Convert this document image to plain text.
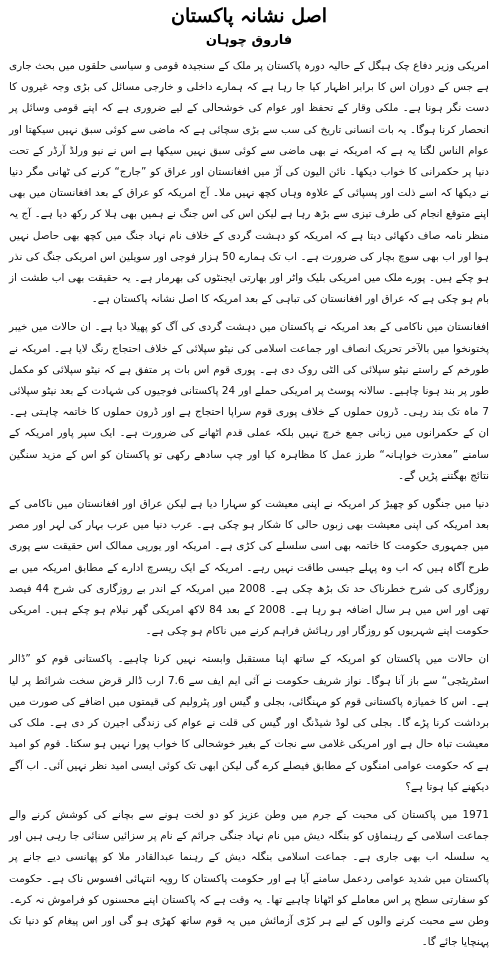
اصل نشانہ پاکستان
فاروق چوہان

امریکی وزیر دفاع چک ہیگل کے حالیہ دورہ پاکستان پر ملک کے سنجیدہ قومی و سیاسی حلقوں میں بحث جاری ہے جس کے دوران اس کا برابر اظہار کیا جا رہا ہے کہ ہمارے داخلی و خارجی مسائل کی بڑی وجہ غیروں کا دست نگر ہونا ہے۔ ملکی وقار کے تحفظ اور عوام کی خوشحالی کے لیے ضروری ہے کہ اپنے قومی وسائل پر انحصار کرنا ہوگا۔ یہ بات انسانی تاریخ کی سب سے بڑی سچائی ہے کہ ماضی سے کوئی سبق نہیں سیکھتا اور عوام الناس لگتا یہ ہے کہ امریکہ نے بھی ماضی سے کوئی سبق نہیں سیکھا ہے اس نے نیو ورلڈ آرڈر کے تحت دنیا پر حکمرانی کا خواب دیکھا۔ نائن الیون کی آڑ میں افغانستان اور عراق کو ”جارج“ کرنے کی ٹھانی مگر دنیا نے دیکھا کہ اسے ذلت اور پسپائی کے علاوہ وہاں کچھ نہیں ملا۔ آج امریکہ کو عراق کے بعد افغانستان میں بھی اپنے متوقع انجام کی طرف تیزی سے بڑھ رہا ہے لیکن اس کی اس جنگ نے ہمیں بھی ہلا کر رکھ دیا ہے۔ آج یہ منظر نامہ صاف دکھائی دیتا ہے کہ امریکہ کو دہشت گردی کے خلاف نام نہاد جنگ میں کچھ بھی حاصل نہیں ہوا اور اب بھی سوچ بچار کی ضرورت ہے۔ اب تک ہمارے 50 ہزار فوجی اور سویلین اس امریکی جنگ کی نذر ہو چکے ہیں۔ پورے ملک میں امریکی بلیک واٹر اور بھارتی ایجنٹوں کی بھرمار ہے۔ یہ حقیقت بھی اب طشت از بام ہو چکی ہے کہ عراق اور افغانستان کی تباہی کے بعد امریکہ کا اصل نشانہ پاکستان ہے۔

افغانستان میں ناکامی کے بعد امریکہ نے پاکستان میں دہشت گردی کی آگ کو پھیلا دیا ہے۔ ان حالات میں خیبر پختونخوا میں بالآخر تحریک انصاف اور جماعت اسلامی کی نیٹو سپلائی کے خلاف احتجاج رنگ لایا ہے۔ امریکہ نے طورخم کے راستے نیٹو سپلائی کی الٹی روک دی ہے۔ پوری قوم اس بات پر متفق ہے کہ نیٹو سپلائی کو مکمل طور پر بند ہونا چاہیے۔ سالانہ پوسٹ پر امریکی حملے اور 24 پاکستانی فوجیوں کی شہادت کے بعد نیٹو سپلائی 7 ماہ تک بند رہی۔ ڈرون حملوں کے خلاف پوری قوم سراپا احتجاج ہے اور ڈرون حملوں کا خاتمہ چاہتی ہے۔ ان کے حکمرانوں میں زبانی جمع خرچ نہیں بلکہ عملی قدم اٹھانے کی ضرورت ہے۔ ایک سپر پاور امریکہ کے سامنے ”معذرت خواہانہ“ طرز عمل کا مظاہرہ کیا اور چپ سادھے رکھی تو پاکستان کو اس کے مزید سنگین نتائج بھگتنے پڑیں گے۔

دنیا میں جنگوں کو چھیڑ کر امریکہ نے اپنی معیشت کو سہارا دیا ہے لیکن عراق اور افغانستان میں ناکامی کے بعد امریکہ کی اپنی معیشت بھی زبوں حالی کا شکار ہو چکی ہے۔ عرب دنیا میں عرب بہار کی لہر اور مصر میں جمہوری حکومت کا خاتمہ بھی اسی سلسلے کی کڑی ہے۔ امریکہ اور یورپی ممالک اس حقیقت سے پوری طرح آگاہ ہیں کہ اب وہ پہلے جیسی طاقت نہیں رہے۔ امریکہ کے ایک ریسرچ ادارے کے مطابق امریکہ میں بے روزگاری کی شرح خطرناک حد تک بڑھ چکی ہے۔ 2008 میں امریکہ کے اندر بے روزگاری کی شرح 44 فیصد تھی اور اس میں ہر سال اضافہ ہو رہا ہے۔ 2008 کے بعد 84 لاکھ امریکی گھر نیلام ہو چکے ہیں۔ امریکی حکومت اپنے شہریوں کو روزگار اور رہائش فراہم کرنے میں ناکام ہو چکی ہے۔

ان حالات میں پاکستان کو امریکہ کے ساتھ اپنا مستقبل وابستہ نہیں کرنا چاہیے۔ پاکستانی قوم کو ”ڈالر اسٹریٹجی“ سے باز آنا ہوگا۔ نواز شریف حکومت نے آئی ایم ایف سے 7.6 ارب ڈالر قرض سخت شرائط پر لیا ہے۔ اس کا خمیازہ پاکستانی قوم کو مہنگائی، بجلی و گیس اور پٹرولیم کی قیمتوں میں اضافے کی صورت میں برداشت کرنا پڑے گا۔ بجلی کی لوڈ شیڈنگ اور گیس کی قلت نے عوام کی زندگی اجیرن کر دی ہے۔ ملک کی معیشت تباہ حال ہے اور امریکی غلامی سے نجات کے بغیر خوشحالی کا خواب پورا نہیں ہو سکتا۔ قوم کو امید ہے کہ حکومت عوامی امنگوں کے مطابق فیصلے کرے گی لیکن ابھی تک کوئی ایسی امید نظر نہیں آئی۔ اب آگے دیکھنے کیا ہوتا ہے؟

1971 میں پاکستان کی محبت کے جرم میں وطن عزیز کو دو لخت ہونے سے بچانے کی کوشش کرنے والے جماعت اسلامی کے رہنماؤں کو بنگلہ دیش میں نام نہاد جنگی جرائم کے نام پر سزائیں سنائی جا رہی ہیں اور یہ سلسلہ اب بھی جاری ہے۔ جماعت اسلامی بنگلہ دیش کے رہنما عبدالقادر ملا کو پھانسی دیے جانے پر پاکستان میں شدید عوامی ردعمل سامنے آیا ہے اور حکومت پاکستان کا رویہ انتہائی افسوس ناک ہے۔ حکومت کو سفارتی سطح پر اس معاملے کو اٹھانا چاہیے تھا۔ یہ وقت ہے کہ پاکستان اپنے محسنوں کو فراموش نہ کرے۔ وطن سے محبت کرنے والوں کے لیے ہر کڑی آزمائش میں یہ قوم ساتھ کھڑی ہو گی اور اس پیغام کو دنیا تک پہنچایا جائے گا۔
